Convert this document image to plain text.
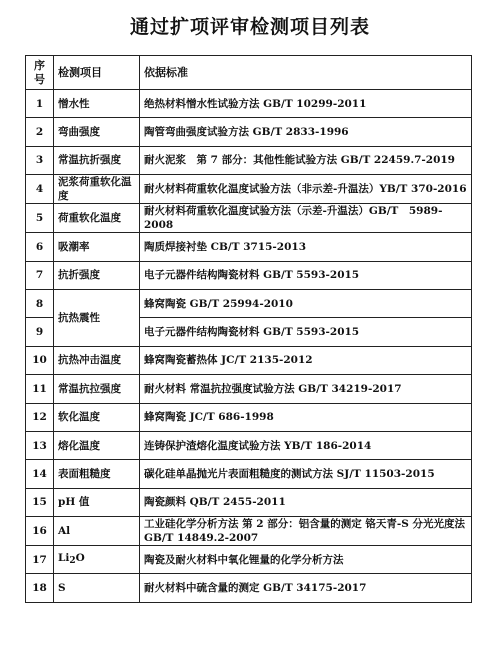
通过扩项评审检测项目列表
序号	检测项目	依据标准
1	憎水性	绝热材料憎水性试验方法 GB/T 10299-2011
2	弯曲强度	陶管弯曲强度试验方法 GB/T 2833-1996
3	常温抗折强度	耐火泥浆　第 7 部分：其他性能试验方法 GB/T 22459.7-2019
4	泥浆荷重软化温度	耐火材料荷重软化温度试验方法（非示差-升温法）YB/T 370-2016
5	荷重软化温度	耐火材料荷重软化温度试验方法（示差-升温法）GB/T　5989-2008
6	吸潮率	陶质焊接衬垫 CB/T 3715-2013
7	抗折强度	电子元器件结构陶瓷材料 GB/T 5593-2015
8	抗热震性	蜂窝陶瓷 GB/T 25994-2010
9		电子元器件结构陶瓷材料 GB/T 5593-2015
10	抗热冲击温度	蜂窝陶瓷蓄热体 JC/T 2135-2012
11	常温抗拉强度	耐火材料 常温抗拉强度试验方法 GB/T 34219-2017
12	软化温度	蜂窝陶瓷 JC/T 686-1998
13	熔化温度	连铸保护渣熔化温度试验方法 YB/T 186-2014
14	表面粗糙度	碳化硅单晶抛光片表面粗糙度的测试方法 SJ/T 11503-2015
15	pH 值	陶瓷颜料 QB/T 2455-2011
16	Al	工业硅化学分析方法 第 2 部分：铝含量的测定 铬天青-S 分光光度法 GB/T 14849.2-2007
17	Li2O	陶瓷及耐火材料中氧化锂量的化学分析方法
18	S	耐火材料中硫含量的测定 GB/T 34175-2017
